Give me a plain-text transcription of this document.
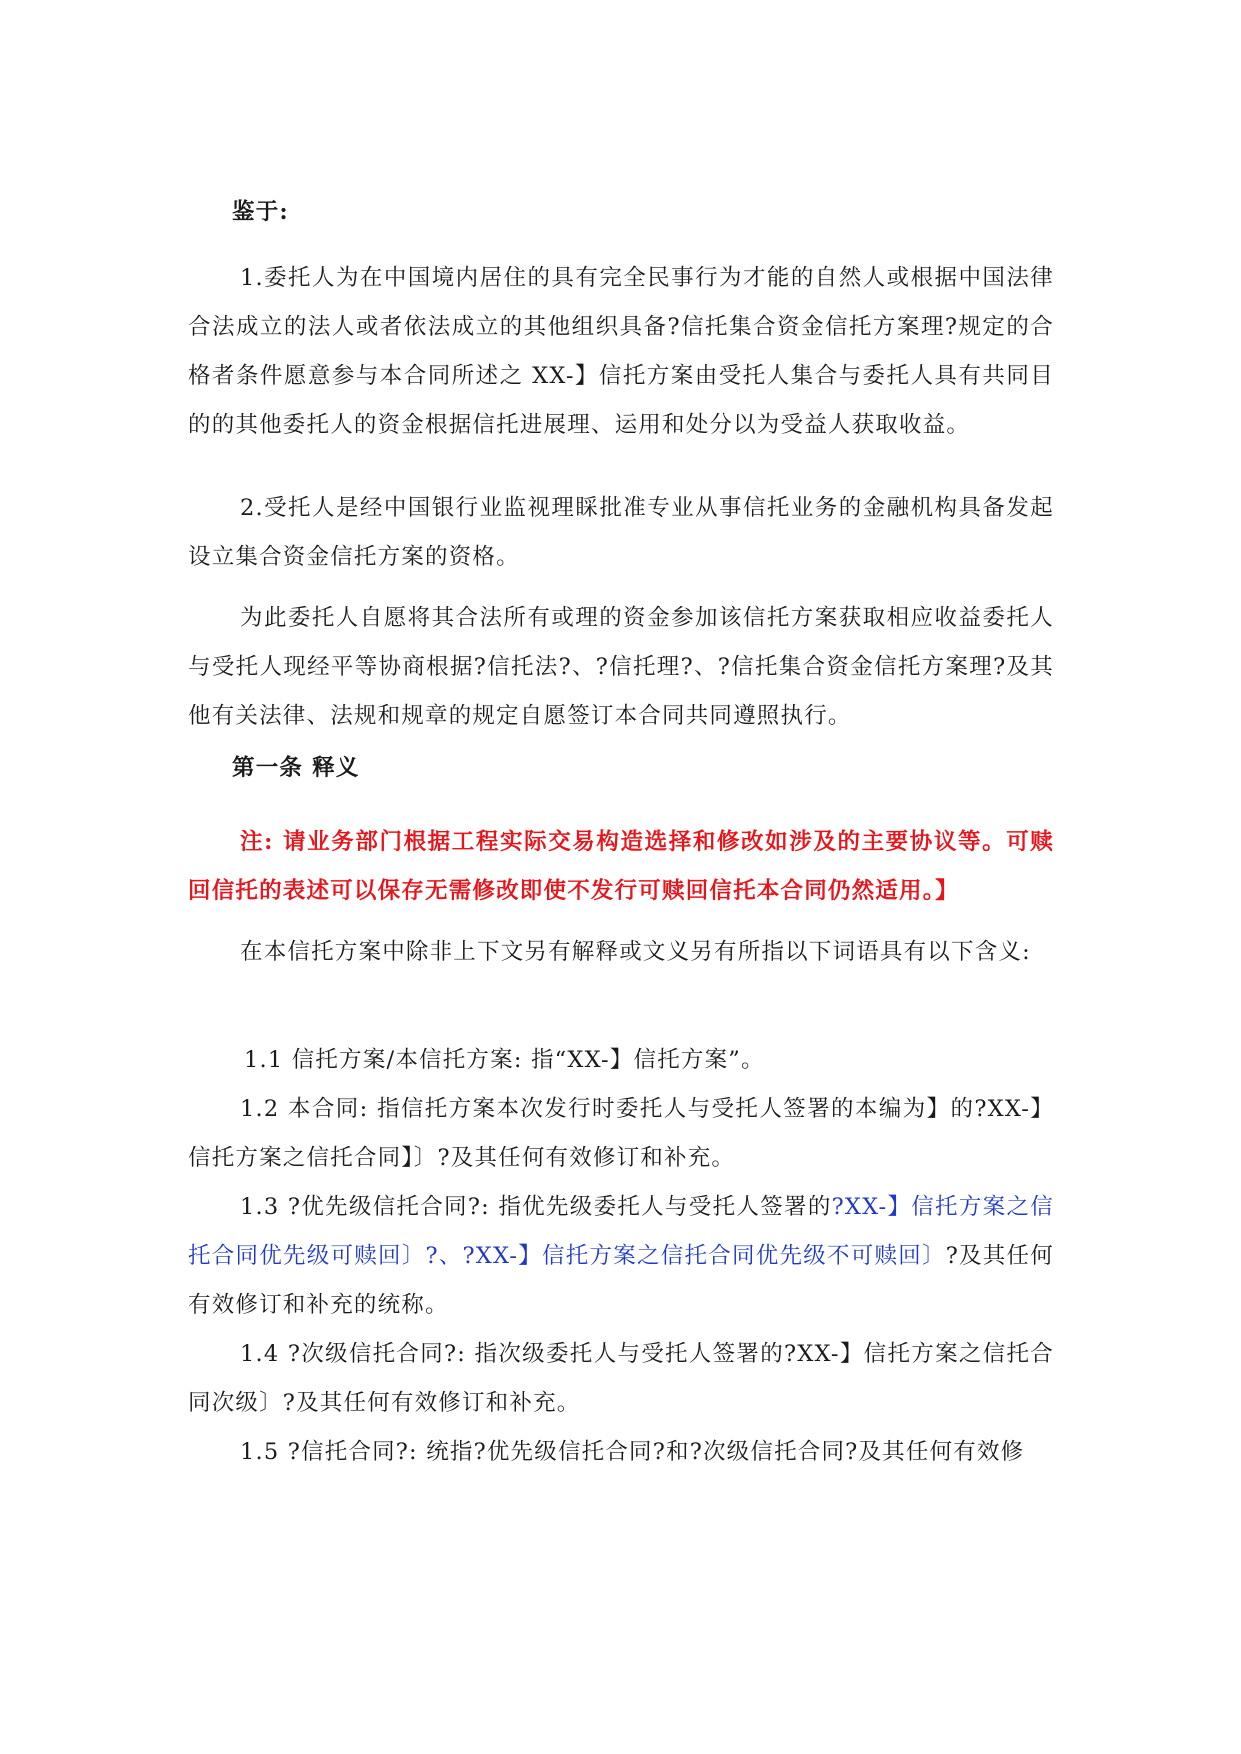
鉴于:

1.委托人为在中国境内居住的具有完全民事行为才能的自然人或根据中国法律合法成立的法人或者依法成立的其他组织具备?信托集合资金信托方案理?规定的合格者条件愿意参与本合同所述之 XX-】信托方案由受托人集合与委托人具有共同目的的其他委托人的资金根据信托进展理、运用和处分以为受益人获取收益。

2.受托人是经中国银行业监视理睬批准专业从事信托业务的金融机构具备发起设立集合资金信托方案的资格。

为此委托人自愿将其合法所有或理的资金参加该信托方案获取相应收益委托人与受托人现经平等协商根据?信托法?、?信托理?、?信托集合资金信托方案理?及其他有关法律、法规和规章的规定自愿签订本合同共同遵照执行。

第一条 释义

注: 请业务部门根据工程实际交易构造选择和修改如涉及的主要协议等。可赎回信托的表述可以保存无需修改即使不发行可赎回信托本合同仍然适用。】

在本信托方案中除非上下文另有解释或文义另有所指以下词语具有以下含义:

1.1 信托方案/本信托方案: 指“XX-】信托方案”。

1.2 本合同: 指信托方案本次发行时委托人与受托人签署的本编为】的?XX-】信托方案之信托合同】〕?及其任何有效修订和补充。

1.3 ?优先级信托合同?: 指优先级委托人与受托人签署的?XX-】信托方案之信托合同优先级可赎回〕?、?XX-】信托方案之信托合同优先级不可赎回〕?及其任何有效修订和补充的统称。

1.4 ?次级信托合同?: 指次级委托人与受托人签署的?XX-】信托方案之信托合同次级〕?及其任何有效修订和补充。

1.5 ?信托合同?: 统指?优先级信托合同?和?次级信托合同?及其任何有效修
